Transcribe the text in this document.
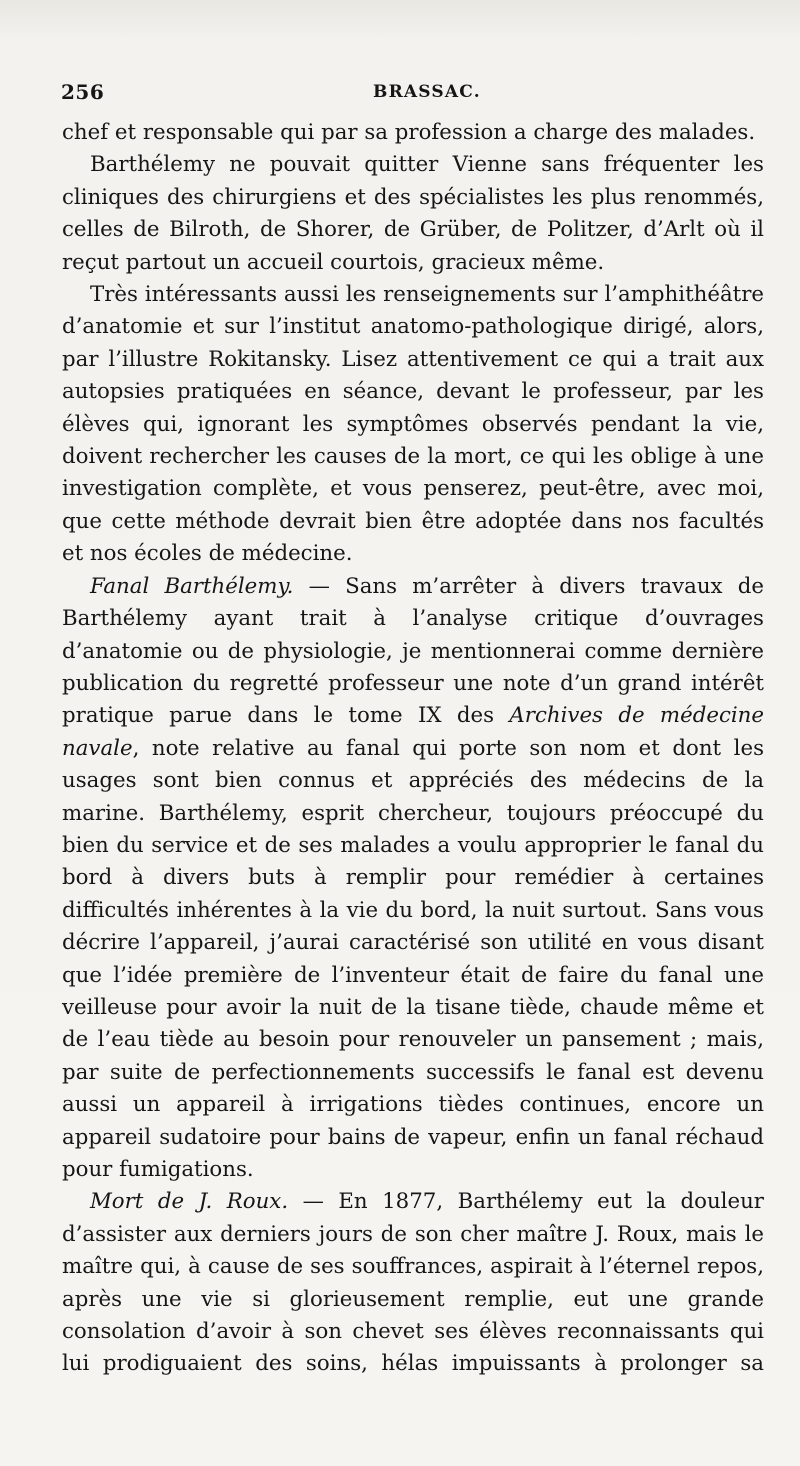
256	BRASSAC.

chef et responsable qui par sa profession a charge des malades.

Barthélemy ne pouvait quitter Vienne sans fréquenter les cliniques des chirurgiens et des spécialistes les plus renommés, celles de Bilroth, de Shorer, de Grüber, de Politzer, d’Arlt où il reçut partout un accueil courtois, gracieux même.

Très intéressants aussi les renseignements sur l’amphithéâtre d’anatomie et sur l’institut anatomo-pathologique dirigé, alors, par l’illustre Rokitansky. Lisez attentivement ce qui a trait aux autopsies pratiquées en séance, devant le professeur, par les élèves qui, ignorant les symptômes observés pendant la vie, doivent rechercher les causes de la mort, ce qui les oblige à une investigation complète, et vous penserez, peut-être, avec moi, que cette méthode devrait bien être adoptée dans nos facultés et nos écoles de médecine.

Fanal Barthélemy. — Sans m’arrêter à divers travaux de Barthélemy ayant trait à l’analyse critique d’ouvrages d’anatomie ou de physiologie, je mentionnerai comme dernière publication du regretté professeur une note d’un grand intérêt pratique parue dans le tome IX des Archives de médecine navale, note relative au fanal qui porte son nom et dont les usages sont bien connus et appréciés des médecins de la marine. Barthélemy, esprit chercheur, toujours préoccupé du bien du service et de ses malades a voulu approprier le fanal du bord à divers buts à remplir pour remédier à certaines difficultés inhérentes à la vie du bord, la nuit surtout. Sans vous décrire l’appareil, j’aurai caractérisé son utilité en vous disant que l’idée première de l’inventeur était de faire du fanal une veilleuse pour avoir la nuit de la tisane tiède, chaude même et de l’eau tiède au besoin pour renouveler un pansement ; mais, par suite de perfectionnements successifs le fanal est devenu aussi un appareil à irrigations tièdes continues, encore un appareil sudatoire pour bains de vapeur, enfin un fanal réchaud pour fumigations.

Mort de J. Roux. — En 1877, Barthélemy eut la douleur d’assister aux derniers jours de son cher maître J. Roux, mais le maître qui, à cause de ses souffrances, aspirait à l’éternel repos, après une vie si glorieusement remplie, eut une grande consolation d’avoir à son chevet ses élèves reconnaissants qui lui prodiguaient des soins, hélas impuissants à prolonger sa
